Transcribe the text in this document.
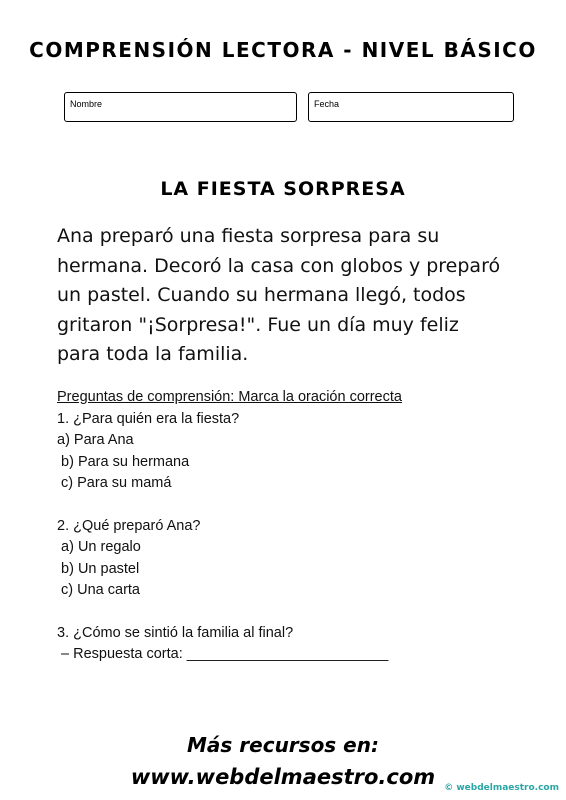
COMPRENSIÓN LECTORA - NIVEL BÁSICO
Nombre	Fecha
LA FIESTA SORPRESA
Ana preparó una fiesta sorpresa para su
hermana. Decoró la casa con globos y preparó
un pastel. Cuando su hermana llegó, todos
gritaron "¡Sorpresa!". Fue un día muy feliz
para toda la familia.
Preguntas de comprensión: Marca la oración correcta
1. ¿Para quién era la fiesta?
a) Para Ana
b) Para su hermana
c) Para su mamá
2. ¿Qué preparó Ana?
a) Un regalo
b) Un pastel
c) Una carta
3. ¿Cómo se sintió la familia al final?
– Respuesta corta: _________________________
Más recursos en:
www.webdelmaestro.com	© webdelmaestro.com
